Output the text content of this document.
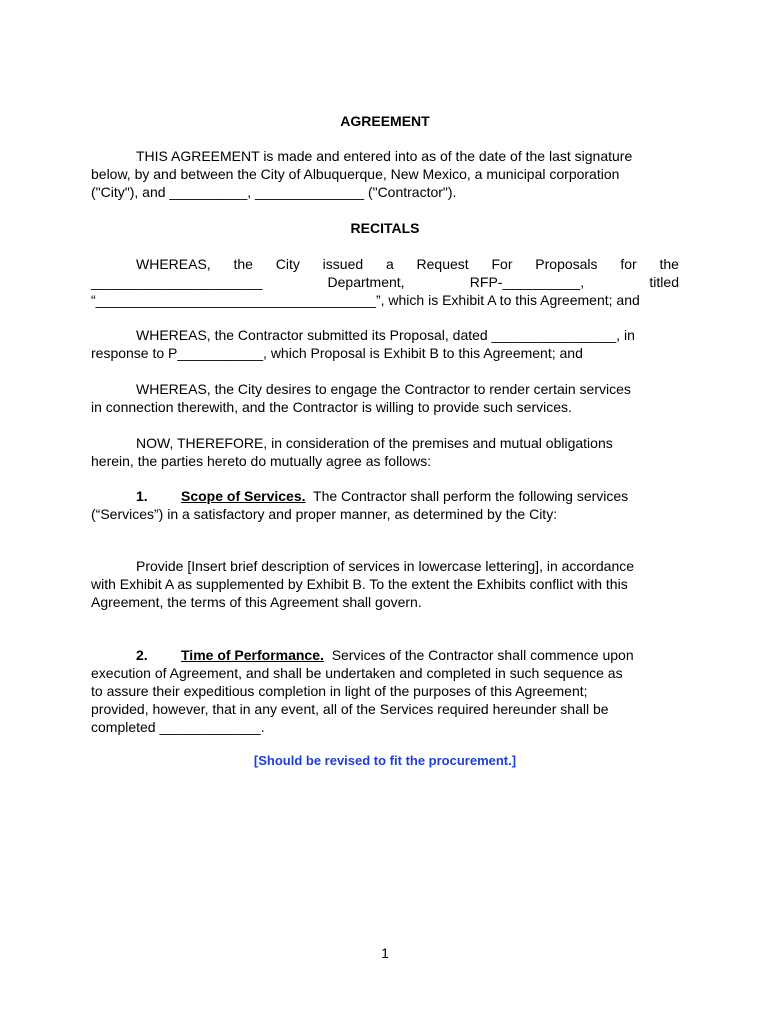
AGREEMENT
THIS AGREEMENT is made and entered into as of the date of the last signature
below, by and between the City of Albuquerque, New Mexico, a municipal corporation
("City"), and __________, ______________ ("Contractor").
RECITALS
WHEREAS, the City issued a Request For Proposals for the
______________________	Department,	RFP-__________,	titled
“____________________________________”, which is Exhibit A to this Agreement; and
WHEREAS, the Contractor submitted its Proposal, dated ________________, in
response to P___________, which Proposal is Exhibit B to this Agreement; and
WHEREAS, the City desires to engage the Contractor to render certain services
in connection therewith, and the Contractor is willing to provide such services.
NOW, THEREFORE, in consideration of the premises and mutual obligations
herein, the parties hereto do mutually agree as follows:
1. Scope of Services. The Contractor shall perform the following services
(“Services”) in a satisfactory and proper manner, as determined by the City:
Provide [Insert brief description of services in lowercase lettering], in accordance
with Exhibit A as supplemented by Exhibit B. To the extent the Exhibits conflict with this
Agreement, the terms of this Agreement shall govern.
2. Time of Performance. Services of the Contractor shall commence upon
execution of Agreement, and shall be undertaken and completed in such sequence as
to assure their expeditious completion in light of the purposes of this Agreement;
provided, however, that in any event, all of the Services required hereunder shall be
completed _____________.
[Should be revised to fit the procurement.]
1
